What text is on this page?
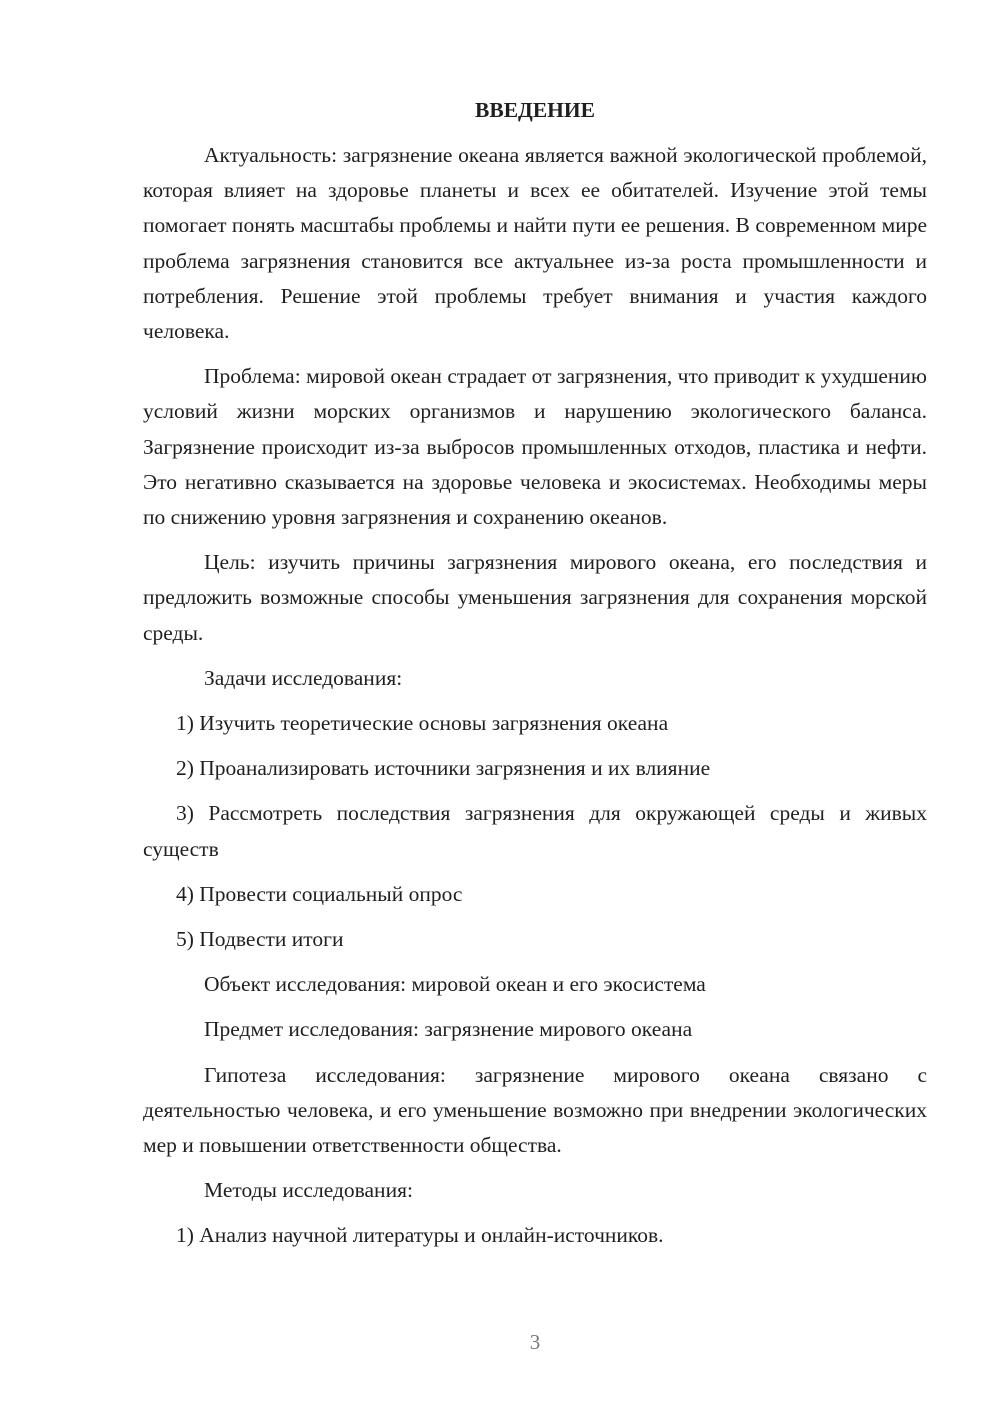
ВВЕДЕНИЕ

Актуальность: загрязнение океана является важной экологической проблемой, которая влияет на здоровье планеты и всех ее обитателей. Изучение этой темы помогает понять масштабы проблемы и найти пути ее решения. В современном мире проблема загрязнения становится все актуальнее из-за роста промышленности и потребления. Решение этой проблемы требует внимания и участия каждого человека.

Проблема: мировой океан страдает от загрязнения, что приводит к ухудшению условий жизни морских организмов и нарушению экологического баланса. Загрязнение происходит из-за выбросов промышленных отходов, пластика и нефти. Это негативно сказывается на здоровье человека и экосистемах. Необходимы меры по снижению уровня загрязнения и сохранению океанов.

Цель: изучить причины загрязнения мирового океана, его последствия и предложить возможные способы уменьшения загрязнения для сохранения морской среды.

Задачи исследования:

1) Изучить теоретические основы загрязнения океана

2) Проанализировать источники загрязнения и их влияние

3) Рассмотреть последствия загрязнения для окружающей среды и живых существ

4) Провести социальный опрос

5) Подвести итоги

Объект исследования: мировой океан и его экосистема

Предмет исследования: загрязнение мирового океана

Гипотеза исследования: загрязнение мирового океана связано с деятельностью человека, и его уменьшение возможно при внедрении экологических мер и повышении ответственности общества.

Методы исследования:

1) Анализ научной литературы и онлайн-источников.

3
